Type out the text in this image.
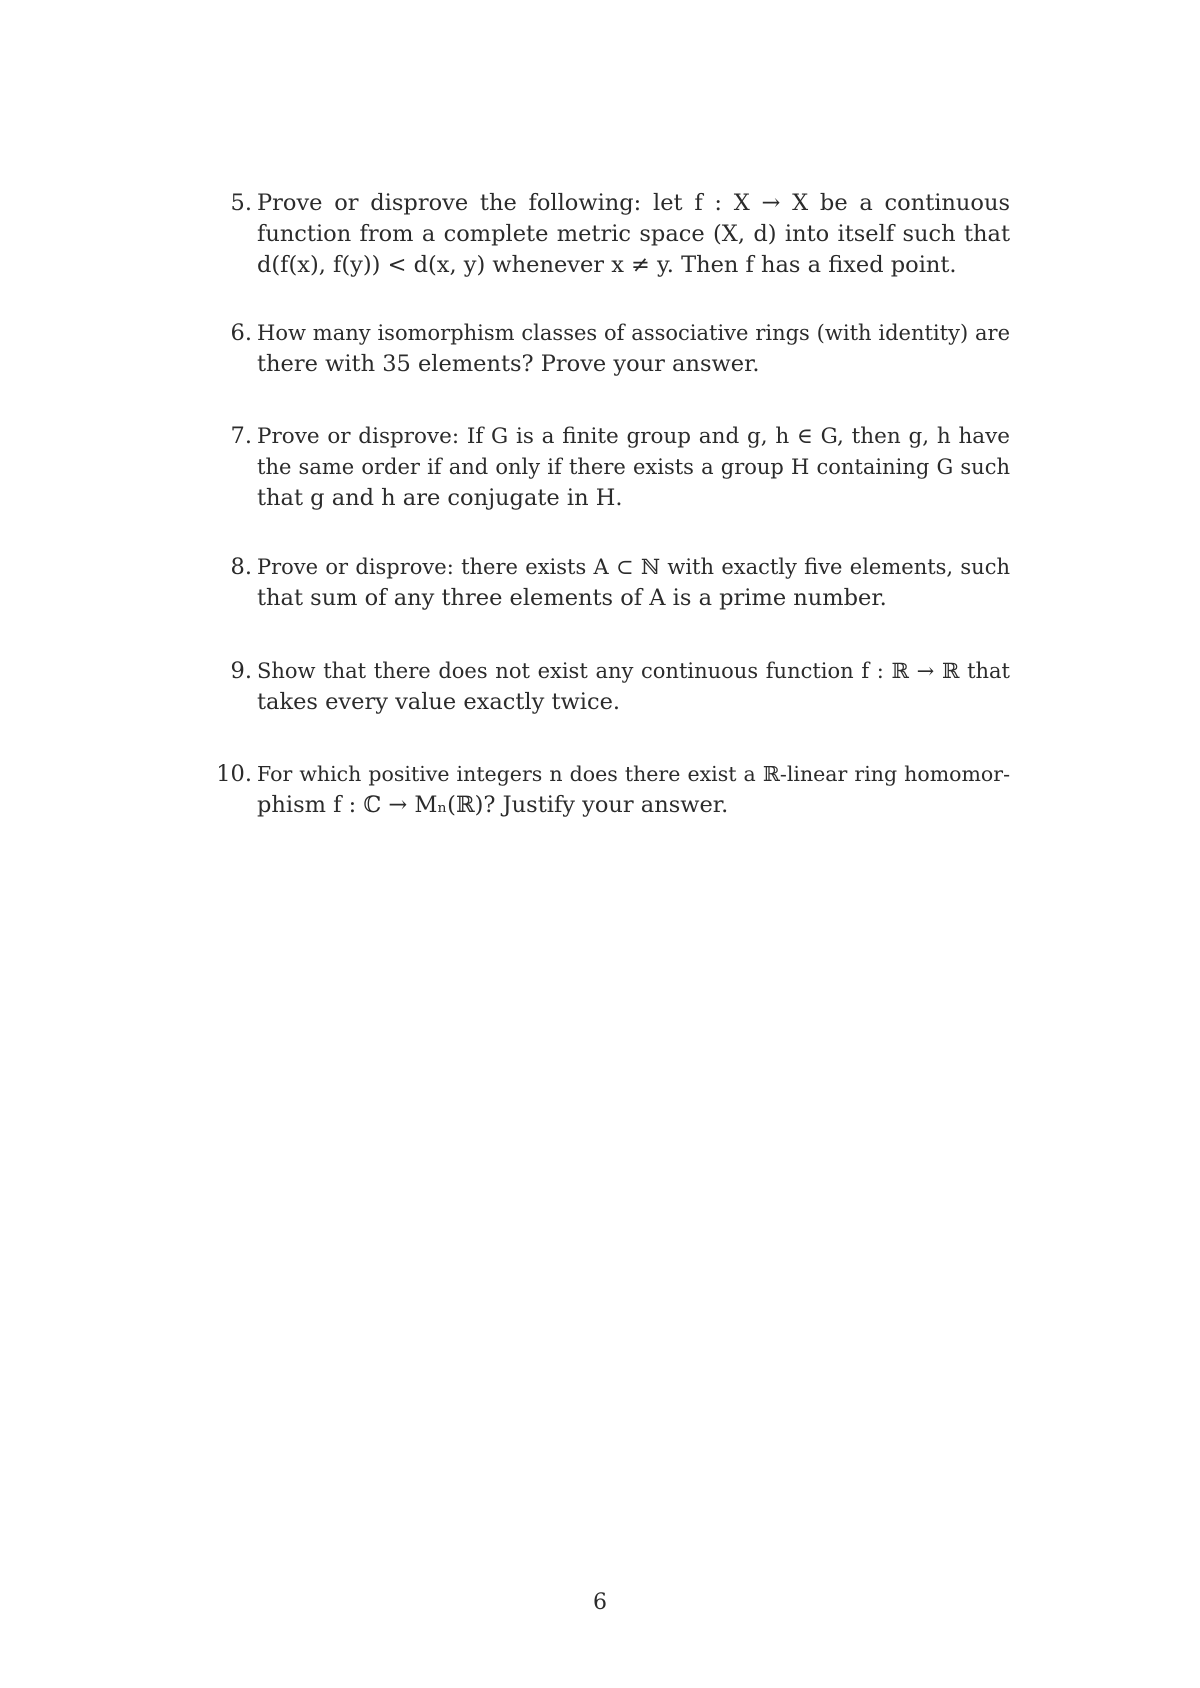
5. Prove or disprove the following: let f : X → X be a continuous
function from a complete metric space (X, d) into itself such that
d(f(x), f(y)) < d(x, y) whenever x ≠ y. Then f has a fixed point.
6. How many isomorphism classes of associative rings (with identity) are
there with 35 elements? Prove your answer.
7. Prove or disprove: If G is a finite group and g, h ∈ G, then g, h have
the same order if and only if there exists a group H containing G such
that g and h are conjugate in H.
8. Prove or disprove: there exists A ⊂ ℕ with exactly five elements, such
that sum of any three elements of A is a prime number.
9. Show that there does not exist any continuous function f : ℝ → ℝ that
takes every value exactly twice.
10. For which positive integers n does there exist a ℝ-linear ring homomor-
phism f : ℂ → Mₙ(ℝ)? Justify your answer.
6
